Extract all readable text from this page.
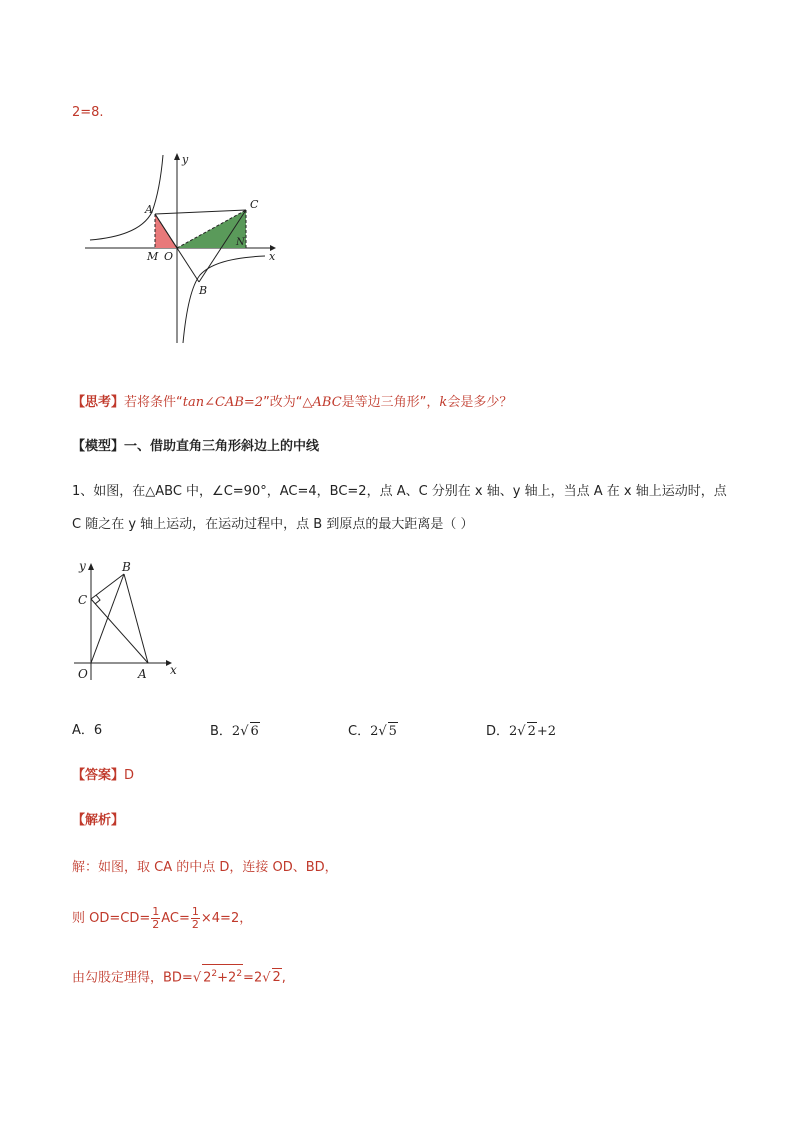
2=8.
y
x
A	C
N
M O
B
【思考】若将条件“tan∠CAB=2”改为“△ABC是等边三角形”，k会是多少？
【模型】一、借助直角三角形斜边上的中线
1、如图，在△ABC 中，∠C=90°，AC=4，BC=2，点 A、C 分别在 x 轴、y 轴上，当点 A 在 x 轴上运动时，点
C 随之在 y 轴上运动，在运动过程中，点 B 到原点的最大距离是（ ）
y	B
C
O	A x
A．6	B．2√ 6	C．2√ 5	D．2√ 2+2
【答案】D
【解析】
解：如图，取 CA 的中点 D，连接 OD、BD，
则 $OD=CD= \frac{1}{2} AC= \frac{1}{2} \times 4=2$，
由勾股定理得，BD=√ $2^2+2^2=2√$ 2,
